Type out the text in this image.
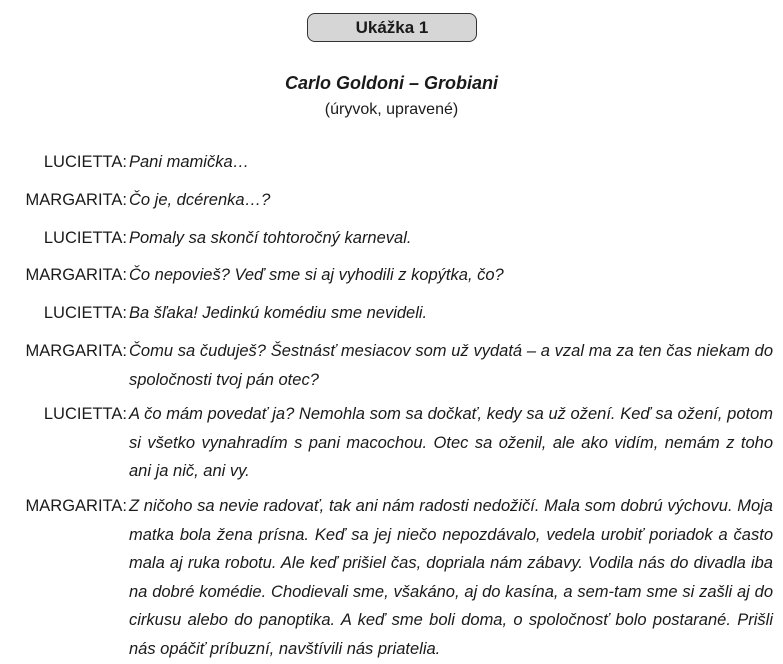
Ukážka 1
Carlo Goldoni – Grobiani
(úryvok, upravené)
LUCIETTA: Pani mamička…
MARGARITA: Čo je, dcérenka…?
LUCIETTA: Pomaly sa skončí tohtoročný karneval.
MARGARITA: Čo nepovieš? Veď sme si aj vyhodili z kopýtka, čo?
LUCIETTA: Ba šľaka! Jedinkú komédiu sme nevideli.
MARGARITA: Čomu sa čuduješ? Šestnásť mesiacov som už vydatá – a vzal ma za ten čas niekam do spoločnosti tvoj pán otec?
LUCIETTA: A čo mám povedať ja? Nemohla som sa dočkať, kedy sa už ožení. Keď sa ožení, potom si všetko vynahradím s pani macochou. Otec sa oženil, ale ako vidím, nemám z toho ani ja nič, ani vy.
MARGARITA: Z ničoho sa nevie radovať, tak ani nám radosti nedožičí. Mala som dobrú výchovu. Moja matka bola žena prísna. Keď sa jej niečo nepozdávalo, vedela urobiť poriadok a často mala aj ruka robotu. Ale keď prišiel čas, dopriala nám zábavy. Vodila nás do divadla iba na dobré komédie. Chodievali sme, všakáno, aj do kasína, a sem-tam sme si zašli aj do cirkusu alebo do panoptika. A keď sme boli doma, o spoločnosť bolo postarané. Prišli nás opáčiť príbuzní, navštívili nás priatelia.
